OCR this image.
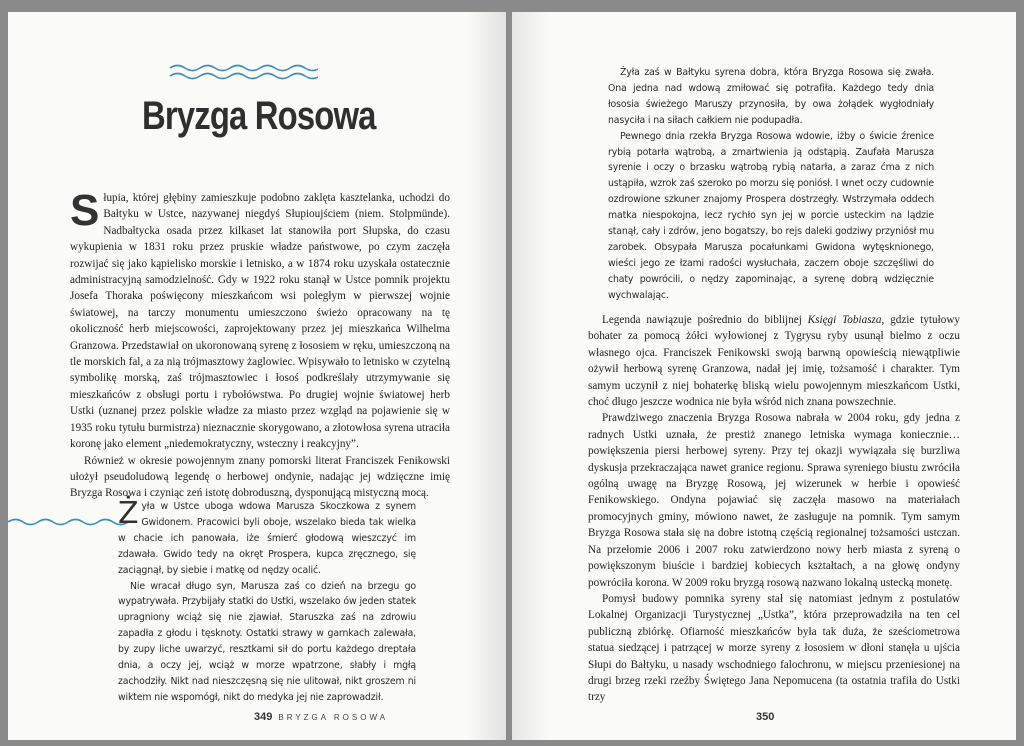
Bryzga Rosowa

Słupia, której głębiny zamieszkuje podobno zaklęta kasztelanka, uchodzi do Bałtyku w Ustce, nazywanej niegdyś Słupioujściem (niem. Stolpmünde). Nadbałtycka osada przez kilkaset lat stanowiła port Słupska, do czasu wykupienia w 1831 roku przez pruskie władze państwowe, po czym zaczęła rozwijać się jako kąpielisko morskie i letnisko, a w 1874 roku uzyskała ostatecznie administracyjną samodzielność. Gdy w 1922 roku stanął w Ustce pomnik projektu Josefa Thoraka poświęcony mieszkańcom wsi poległym w pierwszej wojnie światowej, na tarczy monumentu umieszczono świeżo opracowany na tę okoliczność herb miejscowości, zaprojektowany przez jej mieszkańca Wilhelma Granzowa. Przedstawiał on ukoronowaną syrenę z łososiem w ręku, umieszczoną na tle morskich fal, a za nią trójmasztowy żaglowiec. Wpisywało to letnisko w czytelną symbolikę morską, zaś trójmasztowiec i łosoś podkreślały utrzymywanie się mieszkańców z obsługi portu i rybołówstwa. Po drugiej wojnie światowej herb Ustki (uznanej przez polskie władze za miasto przez wzgląd na pojawienie się w 1935 roku tytułu burmistrza) nieznacznie skorygowano, a złotowłosa syrena utraciła koronę jako element „niedemokratyczny, wsteczny i reakcyjny”.

Również w okresie powojennym znany pomorski literat Franciszek Fenikowski ułożył pseudoludową legendę o herbowej ondynie, nadając jej wdzięczne imię Bryzga Rosowa i czyniąc zeń istotę dobroduszną, dysponującą mistyczną mocą.

Żyła w Ustce uboga wdowa Marusza Skoczkowa z synem Gwidonem. Pracowici byli oboje, wszelako bieda tak wielka w chacie ich panowała, iże śmierć głodową wieszczyć im zdawała. Gwido tedy na okręt Prospera, kupca zręcznego, się zaciągnął, by siebie i matkę od nędzy ocalić.

Nie wracał długo syn, Marusza zaś co dzień na brzegu go wypatrywała. Przybijały statki do Ustki, wszelako ów jeden statek upragniony wciąż się nie zjawiał. Staruszka zaś na zdrowiu zapadła z głodu i tęsknoty. Ostatki strawy w garnkach zalewała, by zupy liche uwarzyć, resztkami sił do portu każdego dreptała dnia, a oczy jej, wciąż w morze wpatrzone, słabły i mgłą zachodziły. Nikt nad nieszczęsną się nie ulitował, nikt groszem ni wiktem nie wspomógł, nikt do medyka jej nie zaprowadził.

349 BRYZGA ROSOWA

Żyła zaś w Bałtyku syrena dobra, która Bryzga Rosowa się zwała. Ona jedna nad wdową zmiłować się potrafiła. Każdego tedy dnia łososia świeżego Maruszy przynosiła, by owa żołądek wygłodniały nasyciła i na siłach całkiem nie podupadła.

Pewnego dnia rzekła Bryzga Rosowa wdowie, iżby o świcie źrenice rybią potarła wątrobą, a zmartwienia ją odstąpią. Zaufała Marusza syrenie i oczy o brzasku wątrobą rybią natarła, a zaraz ćma z nich ustąpiła, wzrok zaś szeroko po morzu się poniósł. I wnet oczy cudownie ozdrowione szkuner znajomy Prospera dostrzegły. Wstrzymała oddech matka niespokojna, lecz rychło syn jej w porcie usteckim na lądzie stanął, cały i zdrów, jeno bogatszy, bo rejs daleki godziwy przyniósł mu zarobek. Obsypała Marusza pocałunkami Gwidona wytęsknionego, wieści jego ze łzami radości wysłuchała, zaczem oboje szczęśliwi do chaty powrócili, o nędzy zapominając, a syrenę dobrą wdzięcznie wychwalając.

Legenda nawiązuje pośrednio do biblijnej Księgi Tobiasza, gdzie tytułowy bohater za pomocą żółci wyłowionej z Tygrysu ryby usunął bielmo z oczu własnego ojca. Franciszek Fenikowski swoją barwną opowieścią niewątpliwie ożywił herbową syrenę Granzowa, nadał jej imię, tożsamość i charakter. Tym samym uczynił z niej bohaterkę bliską wielu powojennym mieszkańcom Ustki, choć długo jeszcze wodnica nie była wśród nich znana powszechnie.

Prawdziwego znaczenia Bryzga Rosowa nabrała w 2004 roku, gdy jedna z radnych Ustki uznała, że prestiż znanego letniska wymaga koniecznie… powiększenia piersi herbowej syreny. Przy tej okazji wywiązała się burzliwa dyskusja przekraczająca nawet granice regionu. Sprawa syreniego biustu zwróciła ogólną uwagę na Bryzgę Rosową, jej wizerunek w herbie i opowieść Fenikowskiego. Ondyna pojawiać się zaczęła masowo na materiałach promocyjnych gminy, mówiono nawet, że zasługuje na pomnik. Tym samym Bryzga Rosowa stała się na dobre istotną częścią regionalnej tożsamości ustczan. Na przełomie 2006 i 2007 roku zatwierdzono nowy herb miasta z syreną o powiększonym biuście i bardziej kobiecych kształtach, a na głowę ondyny powróciła korona. W 2009 roku bryzgą rosową nazwano lokalną ustecką monetę.

Pomysł budowy pomnika syreny stał się natomiast jednym z postulatów Lokalnej Organizacji Turystycznej „Ustka”, która przeprowadziła na ten cel publiczną zbiórkę. Ofiarność mieszkańców była tak duża, że sześciometrowa statua siedzącej i patrzącej w morze syreny z łososiem w dłoni stanęła u ujścia Słupi do Bałtyku, u nasady wschodniego falochronu, w miejscu przeniesionej na drugi brzeg rzeki rzeźby Świętego Jana Nepomucena (ta ostatnia trafiła do Ustki trzy

350
